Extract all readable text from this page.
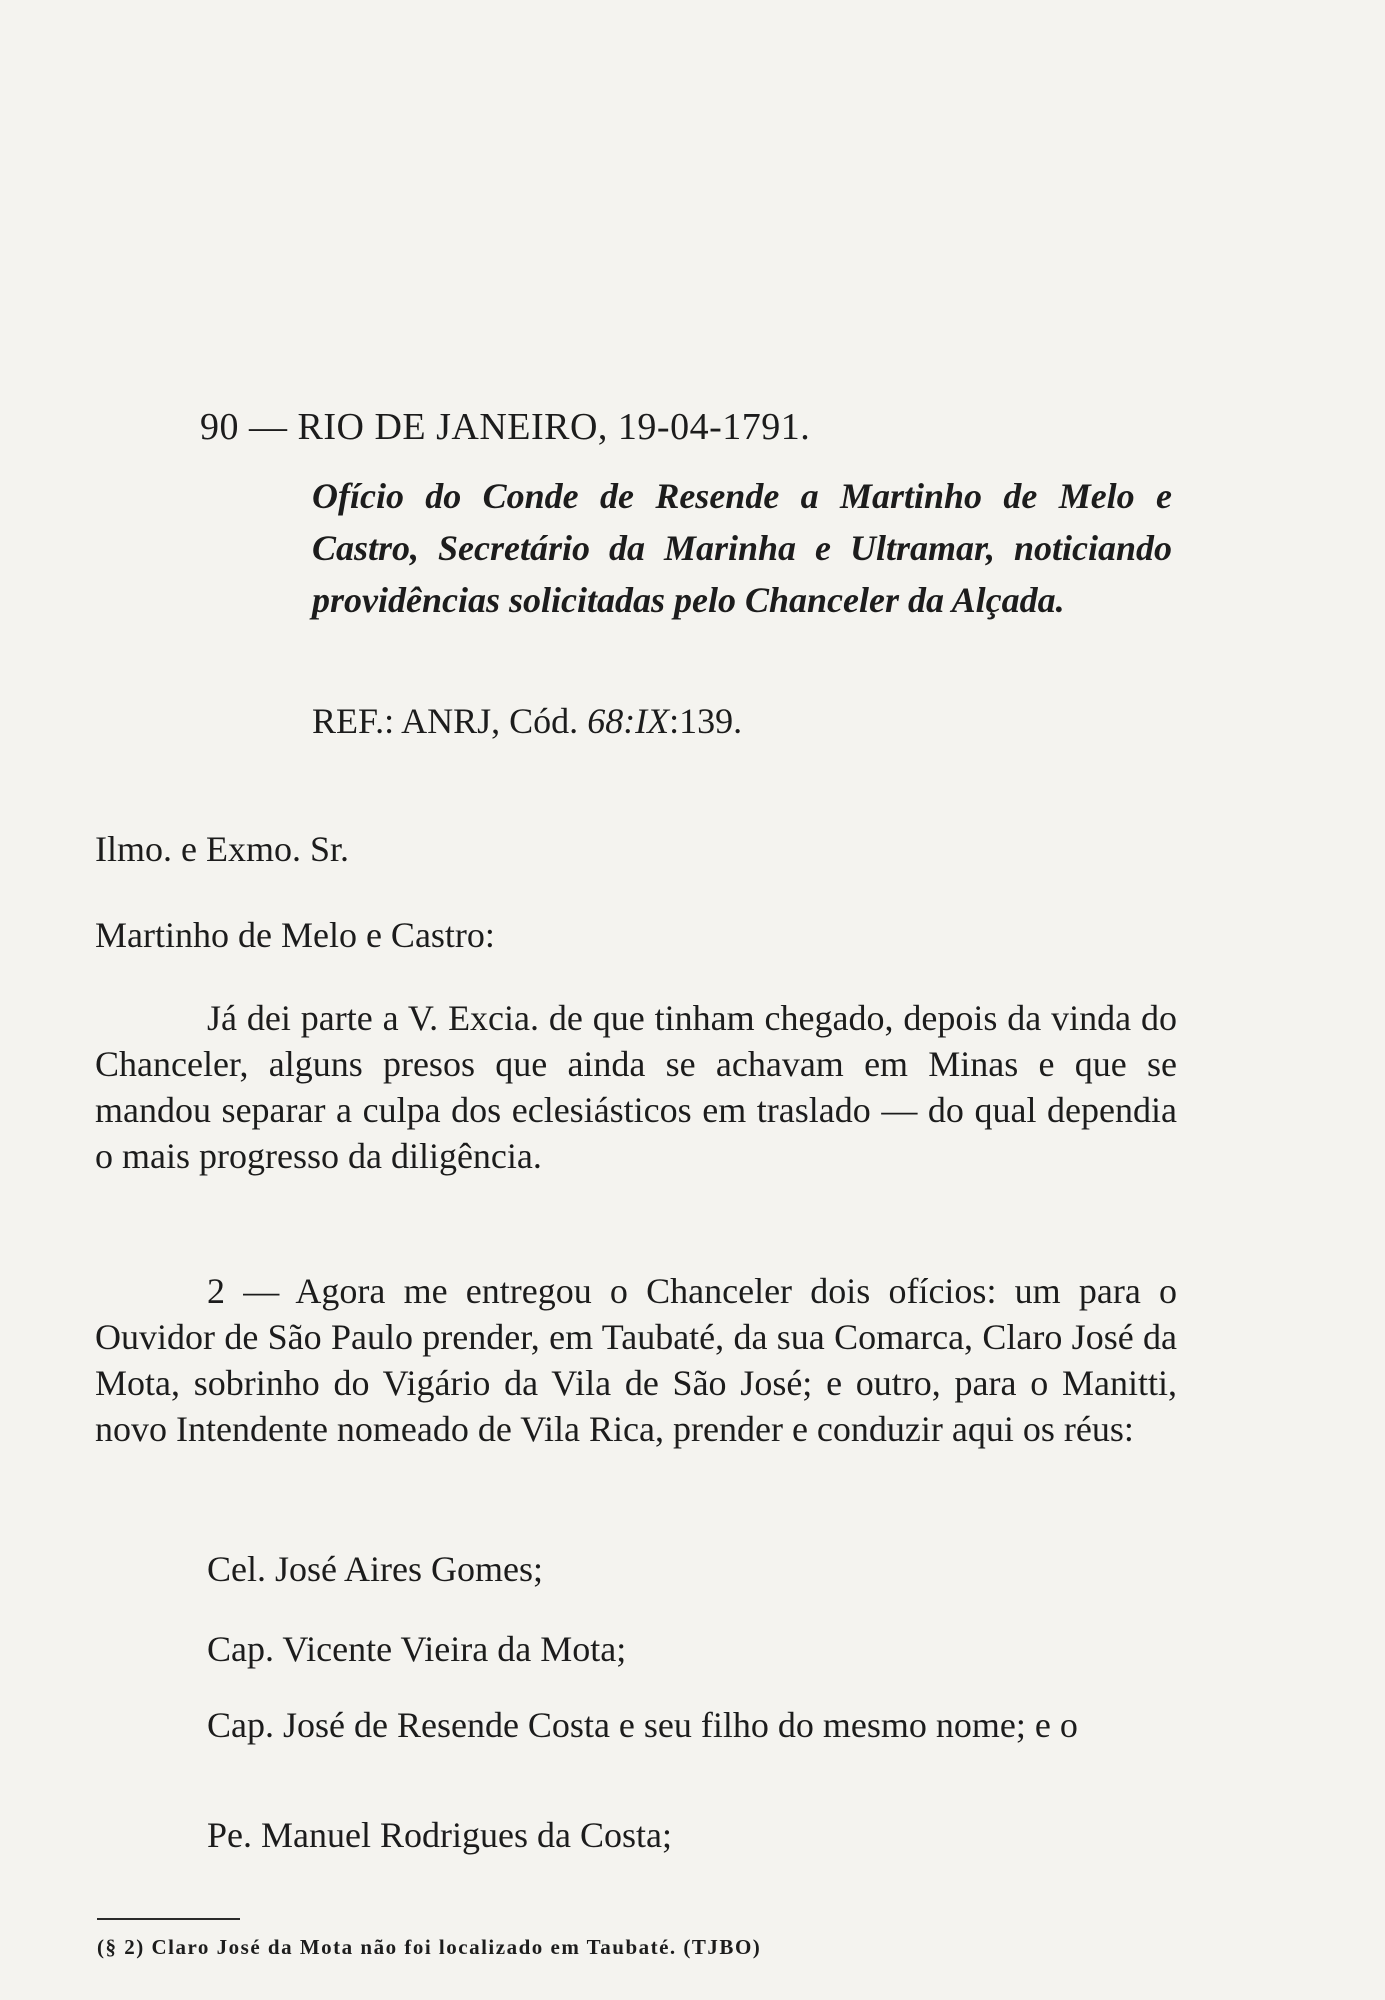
90 — RIO DE JANEIRO, 19-04-1791.
Ofício do Conde de Resende a Martinho de Melo e Castro, Secretário da Marinha e Ultramar, noticiando providências solicitadas pelo Chanceler da Alçada.
REF.: ANRJ, Cód. 68:IX:139.
Ilmo. e Exmo. Sr.
Martinho de Melo e Castro:
Já dei parte a V. Excia. de que tinham chegado, depois da vinda do Chanceler, alguns presos que ainda se achavam em Minas e que se mandou separar a culpa dos eclesiásticos em traslado — do qual dependia o mais progresso da diligência.
2 — Agora me entregou o Chanceler dois ofícios: um para o Ouvidor de São Paulo prender, em Taubaté, da sua Comarca, Claro José da Mota, sobrinho do Vigário da Vila de São José; e outro, para o Manitti, novo Intendente nomeado de Vila Rica, prender e conduzir aqui os réus:
Cel. José Aires Gomes;
Cap. Vicente Vieira da Mota;
Cap. José de Resende Costa e seu filho do mesmo nome; e o
Pe. Manuel Rodrigues da Costa;
(§ 2) Claro José da Mota não foi localizado em Taubaté. (TJBO)
